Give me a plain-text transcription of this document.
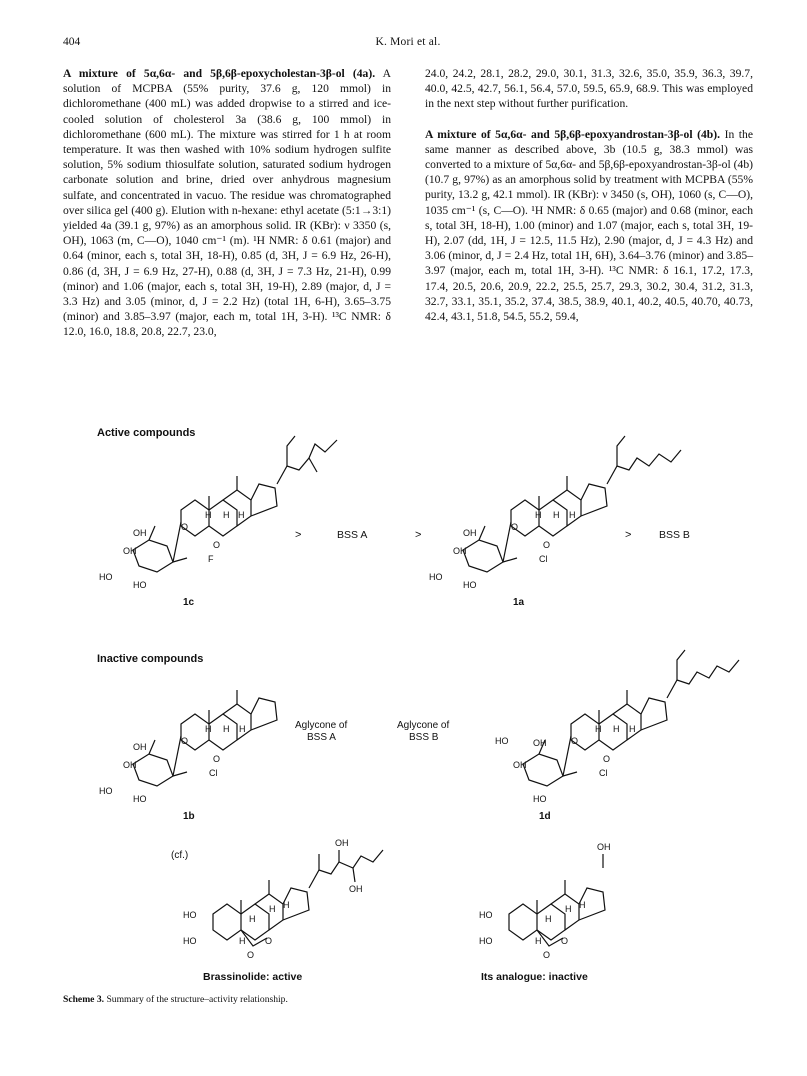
404	K. Mori et al.

A mixture of 5α,6α- and 5β,6β-epoxycholestan-3β-ol (4a). A solution of MCPBA (55% purity, 37.6 g, 120 mmol) in dichloromethane (400 mL) was added dropwise to a stirred and ice-cooled solution of cholesterol 3a (38.6 g, 100 mmol) in dichloromethane (600 mL). The mixture was stirred for 1 h at room temperature. It was then washed with 10% sodium hydrogen sulfite solution, 5% sodium thiosulfate solution, saturated sodium hydrogen carbonate solution and brine, dried over anhydrous magnesium sulfate, and concentrated in vacuo. The residue was chromatographed over silica gel (400 g). Elution with n-hexane: ethyl acetate (5:1→3:1) yielded 4a (39.1 g, 97%) as an amorphous solid. IR (KBr): ν 3350 (s, OH), 1063 (m, C—O), 1040 cm⁻¹ (m). ¹H NMR: δ 0.61 (major) and 0.64 (minor, each s, total 3H, 18-H), 0.85 (d, 3H, J = 6.9 Hz, 26-H), 0.86 (d, 3H, J = 6.9 Hz, 27-H), 0.88 (d, 3H, J = 7.3 Hz, 21-H), 0.99 (minor) and 1.06 (major, each s, total 3H, 19-H), 2.89 (major, d, J = 3.3 Hz) and 3.05 (minor, d, J = 2.2 Hz) (total 1H, 6-H), 3.65–3.75 (minor) and 3.85–3.97 (major, each m, total 1H, 3-H). ¹³C NMR: δ 12.0, 16.0, 18.8, 20.8, 22.7, 23.0,

24.0, 24.2, 28.1, 28.2, 29.0, 30.1, 31.3, 32.6, 35.0, 35.9, 36.3, 39.7, 40.0, 42.5, 42.7, 56.1, 56.4, 57.0, 59.5, 65.9, 68.9. This was employed in the next step without further purification.

A mixture of 5α,6α- and 5β,6β-epoxyandrostan-3β-ol (4b). In the same manner as described above, 3b (10.5 g, 38.3 mmol) was converted to a mixture of 5α,6α- and 5β,6β-epoxyandrostan-3β-ol (4b) (10.7 g, 97%) as an amorphous solid by treatment with MCPBA (55% purity, 13.2 g, 42.1 mmol). IR (KBr): ν 3450 (s, OH), 1060 (s, C—O), 1035 cm⁻¹ (s, C—O). ¹H NMR: δ 0.65 (major) and 0.68 (minor, each s, total 3H, 18-H), 1.00 (minor) and 1.07 (major, each s, total 3H, 19-H), 2.07 (dd, 1H, J = 12.5, 11.5 Hz), 2.90 (major, d, J = 4.3 Hz) and 3.06 (minor, d, J = 2.4 Hz, total 1H, 6H), 3.64–3.76 (minor) and 3.85–3.97 (major, each m, total 1H, 3-H). ¹³C NMR: δ 16.1, 17.2, 17.3, 17.4, 20.5, 20.6, 20.9, 22.2, 25.5, 25.7, 29.3, 30.2, 30.4, 31.2, 31.3, 32.7, 33.1, 35.1, 35.2, 37.4, 38.5, 38.9, 40.1, 40.2, 40.5, 40.70, 40.73, 42.4, 43.1, 51.8, 54.5, 55.2, 59.4,

Active compounds
H H
H
O
F
OH
OH
HO
HO
O
1c
>	BSS A	>
H H H
O
Cl
OH
OH
HO
HO
O
1a
>	BSS B
Inactive compounds
H H H
O
Cl
OH
OH
HO
HO
O
1b
Aglycone of
BSS A
Aglycone of
BSS B
H H H
O
Cl
OH
OH
HO
HO
O
1d
(cf.)
OH
OH
HO
HO
H
H H
H O
O
Brassinolide: active
OH
HO
HO
H
H H
H O
O
Its analogue: inactive
Scheme 3. Summary of the structure–activity relationship.
